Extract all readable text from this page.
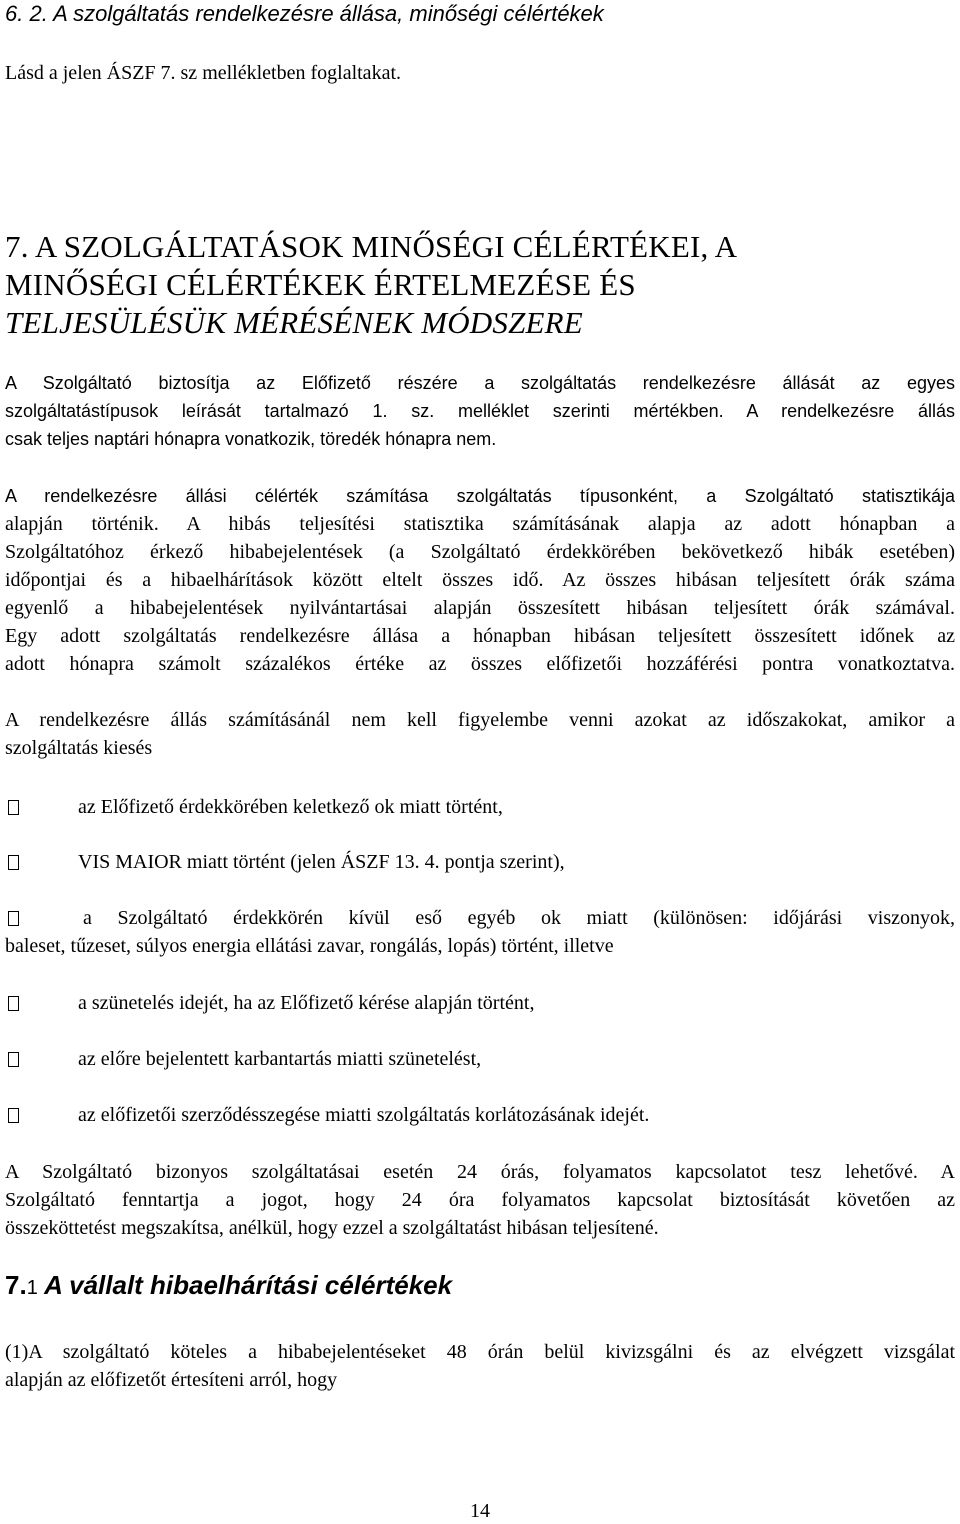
6. 2. A szolgáltatás rendelkezésre állása, minőségi célértékek

Lásd a jelen ÁSZF 7. sz mellékletben foglaltakat.

7. A SZOLGÁLTATÁSOK MINŐSÉGI CÉLÉRTÉKEI, A
MINŐSÉGI CÉLÉRTÉKEK ÉRTELMEZÉSE ÉS
TELJESÜLÉSÜK MÉRÉSÉNEK MÓDSZERE
A Szolgáltató biztosítja az Előfizető részére a szolgáltatás rendelkezésre állását az egyes
szolgáltatástípusok leírását tartalmazó 1. sz. melléklet szerinti mértékben. A rendelkezésre állás
csak teljes naptári hónapra vonatkozik, töredék hónapra nem.
A rendelkezésre állási célérték számítása szolgáltatás típusonként, a Szolgáltató statisztikája
alapján történik. A hibás teljesítési statisztika számításának alapja az adott hónapban a
Szolgáltatóhoz érkező hibabejelentések (a Szolgáltató érdekkörében bekövetkező hibák esetében)
időpontjai és a hibaelhárítások között eltelt összes idő. Az összes hibásan teljesített órák száma
egyenlő a hibabejelentések nyilvántartásai alapján összesített hibásan teljesített órák számával.
Egy adott szolgáltatás rendelkezésre állása a hónapban hibásan teljesített összesített időnek az
adott hónapra számolt százalékos értéke az összes előfizetői hozzáférési pontra vonatkoztatva.
A rendelkezésre állás számításánál nem kell figyelembe venni azokat az időszakokat, amikor a
szolgáltatás kiesés
az Előfizető érdekkörében keletkező ok miatt történt,
VIS MAIOR miatt történt (jelen ÁSZF 13. 4. pontja szerint),
a Szolgáltató érdekkörén kívül eső egyéb ok miatt (különösen: időjárási viszonyok,
baleset, tűzeset, súlyos energia ellátási zavar, rongálás, lopás) történt, illetve
a szünetelés idejét, ha az Előfizető kérése alapján történt,
az előre bejelentett karbantartás miatti szünetelést,
az előfizetői szerződésszegése miatti szolgáltatás korlátozásának idejét.
A Szolgáltató bizonyos szolgáltatásai esetén 24 órás, folyamatos kapcsolatot tesz lehetővé. A
Szolgáltató fenntartja a jogot, hogy 24 óra folyamatos kapcsolat biztosítását követően az
összeköttetést megszakítsa, anélkül, hogy ezzel a szolgáltatást hibásan teljesítené.
7.1 A vállalt hibaelhárítási célértékek
(1)A szolgáltató köteles a hibabejelentéseket 48 órán belül kivizsgálni és az elvégzett vizsgálat
alapján az előfizetőt értesíteni arról, hogy
14
